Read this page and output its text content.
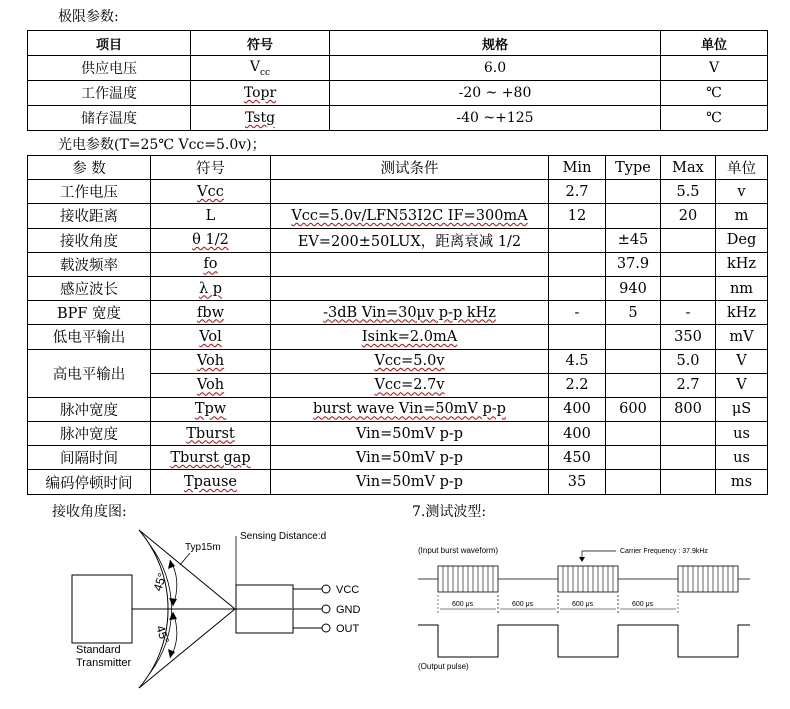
极限参数:
项目	符号	规格	单位
供应电压	$V_{cc}$	6.0	V
工作温度	Topr	-20 ~ +80	℃
储存温度	Tstg	-40 ~+125	℃
光电参数(T=25℃ Vcc=5.0v)；
参 数	符号	测试条件	Min	Type	Max	单位
工作电压	Vcc		2.7		5.5	v
接收距离	L	Vcc=5.0v/LFN53I2C IF=300mA	12		20	m
接收角度	θ 1/2	EV=200±50LUX，距离衰减 1/2		±45		Deg
载波频率	fo			37.9		kHz
感应波长	λ p			940		nm
BPF 宽度	fbw	-3dB Vin=30μv p-p kHz	-	5	-	kHz
低电平输出	Vol	Isink=2.0mA			350	mV
高电平输出	Voh	Vcc=5.0v	4.5		5.0	V
	Voh	Vcc=2.7v	2.2		2.7	V
脉冲宽度	Tpw	burst wave Vin=50mV p-p	400	600	800	μS
脉冲宽度	Tburst	Vin=50mV p-p	400			us
间隔时间	Tburst gap	Vin=50mV p-p	450			us
编码停顿时间	Tpause	Vin=50mV p-p	35			ms
接收角度图:	7.测试波型:
Standard
Transmitter
45°
45°
Typ15m
Sensing Distance:d
VCC
GND
OUT
(Input burst waveform)	Carrier Frequency : 37.9kHz
600 μs	600 μs	600 μs	600 μs
(Output pulse)
